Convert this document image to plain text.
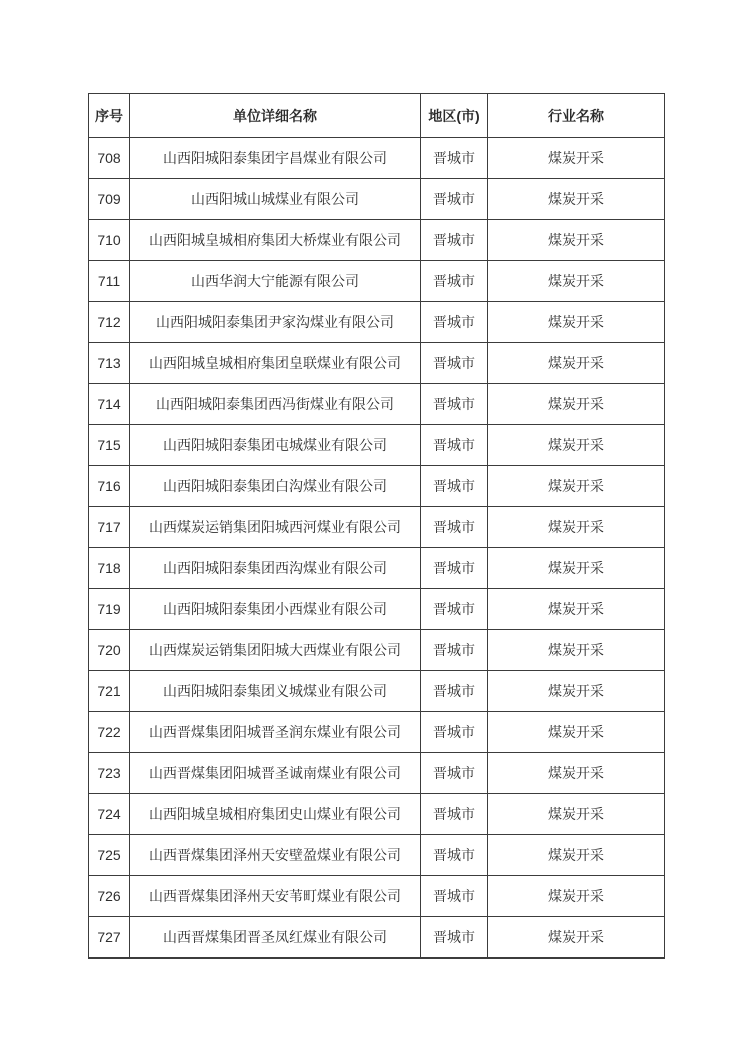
序号	单位详细名称	地区(市)	行业名称
708	山西阳城阳泰集团宇昌煤业有限公司	晋城市	煤炭开采
709	山西阳城山城煤业有限公司	晋城市	煤炭开采
710	山西阳城皇城相府集团大桥煤业有限公司	晋城市	煤炭开采
711	山西华润大宁能源有限公司	晋城市	煤炭开采
712	山西阳城阳泰集团尹家沟煤业有限公司	晋城市	煤炭开采
713	山西阳城皇城相府集团皇联煤业有限公司	晋城市	煤炭开采
714	山西阳城阳泰集团西冯街煤业有限公司	晋城市	煤炭开采
715	山西阳城阳泰集团屯城煤业有限公司	晋城市	煤炭开采
716	山西阳城阳泰集团白沟煤业有限公司	晋城市	煤炭开采
717	山西煤炭运销集团阳城西河煤业有限公司	晋城市	煤炭开采
718	山西阳城阳泰集团西沟煤业有限公司	晋城市	煤炭开采
719	山西阳城阳泰集团小西煤业有限公司	晋城市	煤炭开采
720	山西煤炭运销集团阳城大西煤业有限公司	晋城市	煤炭开采
721	山西阳城阳泰集团义城煤业有限公司	晋城市	煤炭开采
722	山西晋煤集团阳城晋圣润东煤业有限公司	晋城市	煤炭开采
723	山西晋煤集团阳城晋圣诚南煤业有限公司	晋城市	煤炭开采
724	山西阳城皇城相府集团史山煤业有限公司	晋城市	煤炭开采
725	山西晋煤集团泽州天安壁盈煤业有限公司	晋城市	煤炭开采
726	山西晋煤集团泽州天安苇町煤业有限公司	晋城市	煤炭开采
727	山西晋煤集团晋圣凤红煤业有限公司	晋城市	煤炭开采
